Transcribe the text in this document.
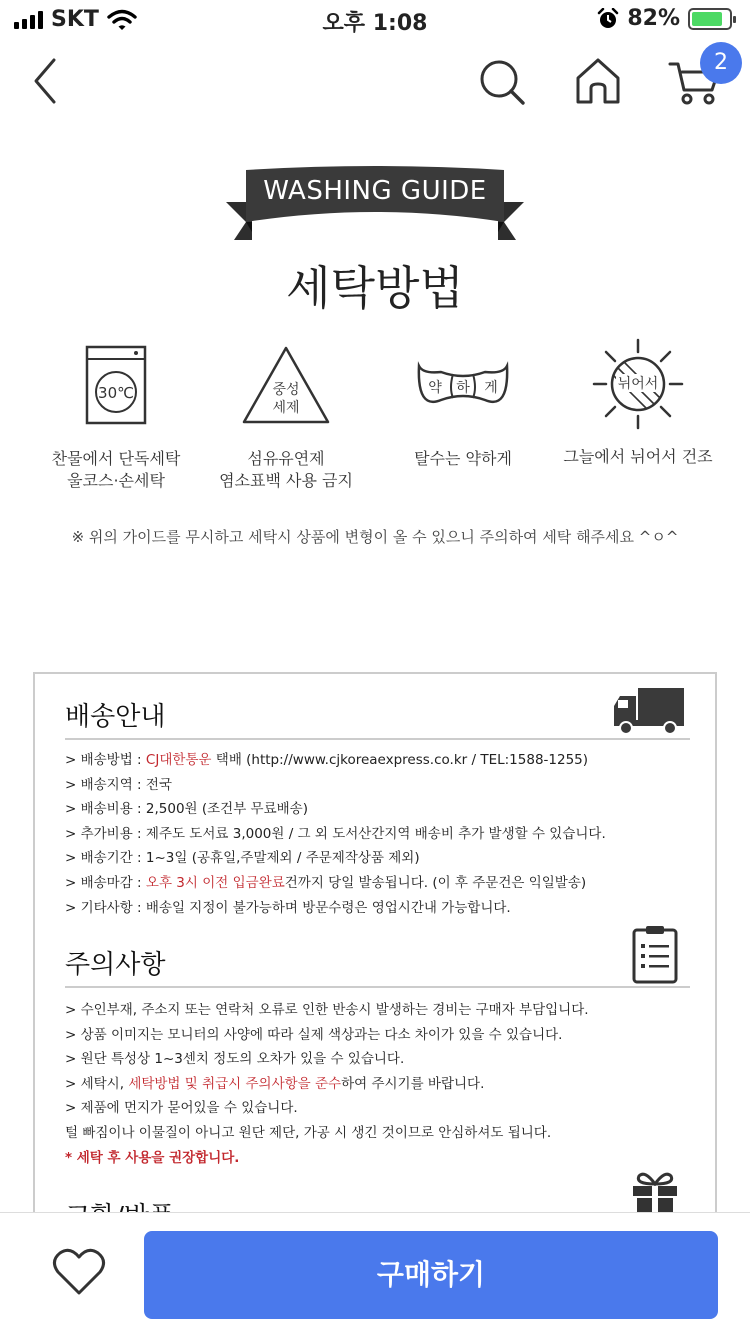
SKT	오후 1:08	82%
2
WASHING GUIDE
세탁방법
30℃
찬물에서 단독세탁
울코스·손세탁
중성
세제
섬유유연제
염소표백 사용 금지
약 하 게
탈수는 약하게
뉘어서
그늘에서 뉘어서 건조
※ 위의 가이드를 무시하고 세탁시 상품에 변형이 올 수 있으니 주의하여 세탁 해주세요 ^ㅇ^
배송안내
> 배송방법 : CJ대한통운 택배 (http://www.cjkoreaexpress.co.kr / TEL:1588-1255)
> 배송지역 : 전국
> 배송비용 : 2,500원 (조건부 무료배송)
> 추가비용 : 제주도 도서료 3,000원 / 그 외 도서산간지역 배송비 추가 발생할 수 있습니다.
> 배송기간 : 1~3일 (공휴일,주말제외 / 주문제작상품 제외)
> 배송마감 : 오후 3시 이전 입금완료건까지 당일 발송됩니다. (이 후 주문건은 익일발송)
> 기타사항 : 배송일 지정이 불가능하며 방문수령은 영업시간내 가능합니다.
주의사항
> 수인부재, 주소지 또는 연락처 오류로 인한 반송시 발생하는 경비는 구매자 부담입니다.
> 상품 이미지는 모니터의 사양에 따라 실제 색상과는 다소 차이가 있을 수 있습니다.
> 원단 특성상 1~3센치 정도의 오차가 있을 수 있습니다.
> 세탁시, 세탁방법 및 취급시 주의사항을 준수하여 주시기를 바랍니다.
> 제품에 먼지가 묻어있을 수 있습니다.
털 빠짐이나 이물질이 아니고 원단 제단, 가공 시 생긴 것이므로 안심하셔도 됩니다.
* 세탁 후 사용을 권장합니다.
구매하기
